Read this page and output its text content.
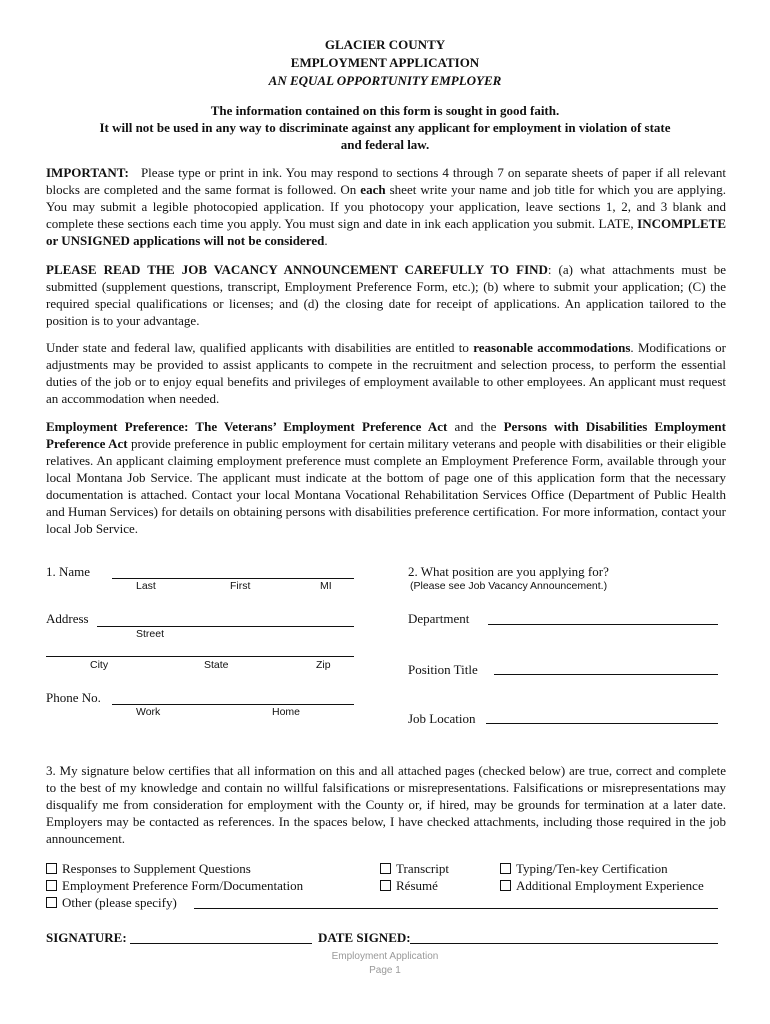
GLACIER COUNTY
EMPLOYMENT APPLICATION
AN EQUAL OPPORTUNITY EMPLOYER
The information contained on this form is sought in good faith.
It will not be used in any way to discriminate against any applicant for employment in violation of state
and federal law.

IMPORTANT: Please type or print in ink. You may respond to sections 4 through 7 on separate sheets of paper if all relevant blocks are completed and the same format is followed. On each sheet write your name and job title for which you are applying. You may submit a legible photocopied application. If you photocopy your application, leave sections 1, 2, and 3 blank and complete these sections each time you apply. You must sign and date in ink each application you submit. LATE, INCOMPLETE or UNSIGNED applications will not be considered.

PLEASE READ THE JOB VACANCY ANNOUNCEMENT CAREFULLY TO FIND: (a) what attachments must be submitted (supplement questions, transcript, Employment Preference Form, etc.); (b) where to submit your application; (C) the required special qualifications or licenses; and (d) the closing date for receipt of applications. An application tailored to the position is to your advantage.

Under state and federal law, qualified applicants with disabilities are entitled to reasonable accommodations. Modifications or adjustments may be provided to assist applicants to compete in the recruitment and selection process, to perform the essential duties of the job or to enjoy equal benefits and privileges of employment available to other employees. An applicant must request an accommodation when needed.

Employment Preference: The Veterans’ Employment Preference Act and the Persons with Disabilities Employment Preference Act provide preference in public employment for certain military veterans and people with disabilities or their eligible relatives. An applicant claiming employment preference must complete an Employment Preference Form, available through your local Montana Job Service. The applicant must indicate at the bottom of page one of this application form that the necessary documentation is attached. Contact your local Montana Vocational Rehabilitation Services Office (Department of Public Health and Human Services) for details on obtaining persons with disabilities preference certification. For more information, contact your local Job Service.

1. Name
Last	First	MI
Address
Street
City	State	Zip
Phone No.
Work	Home
2. What position are you applying for?
(Please see Job Vacancy Announcement.)
Department
Position Title
Job Location

3. My signature below certifies that all information on this and all attached pages (checked below) are true, correct and complete to the best of my knowledge and contain no willful falsifications or misrepresentations. Falsifications or misrepresentations may disqualify me from consideration for employment with the County or, if hired, may be grounds for termination at a later date. Employers may be contacted as references. In the spaces below, I have checked attachments, including those required in the job announcement.

Responses to Supplement Questions	Transcript	Typing/Ten-key Certification
Employment Preference Form/Documentation	Résumé	Additional Employment Experience
Other (please specify)
SIGNATURE:	DATE SIGNED:
Employment Application
Page 1
